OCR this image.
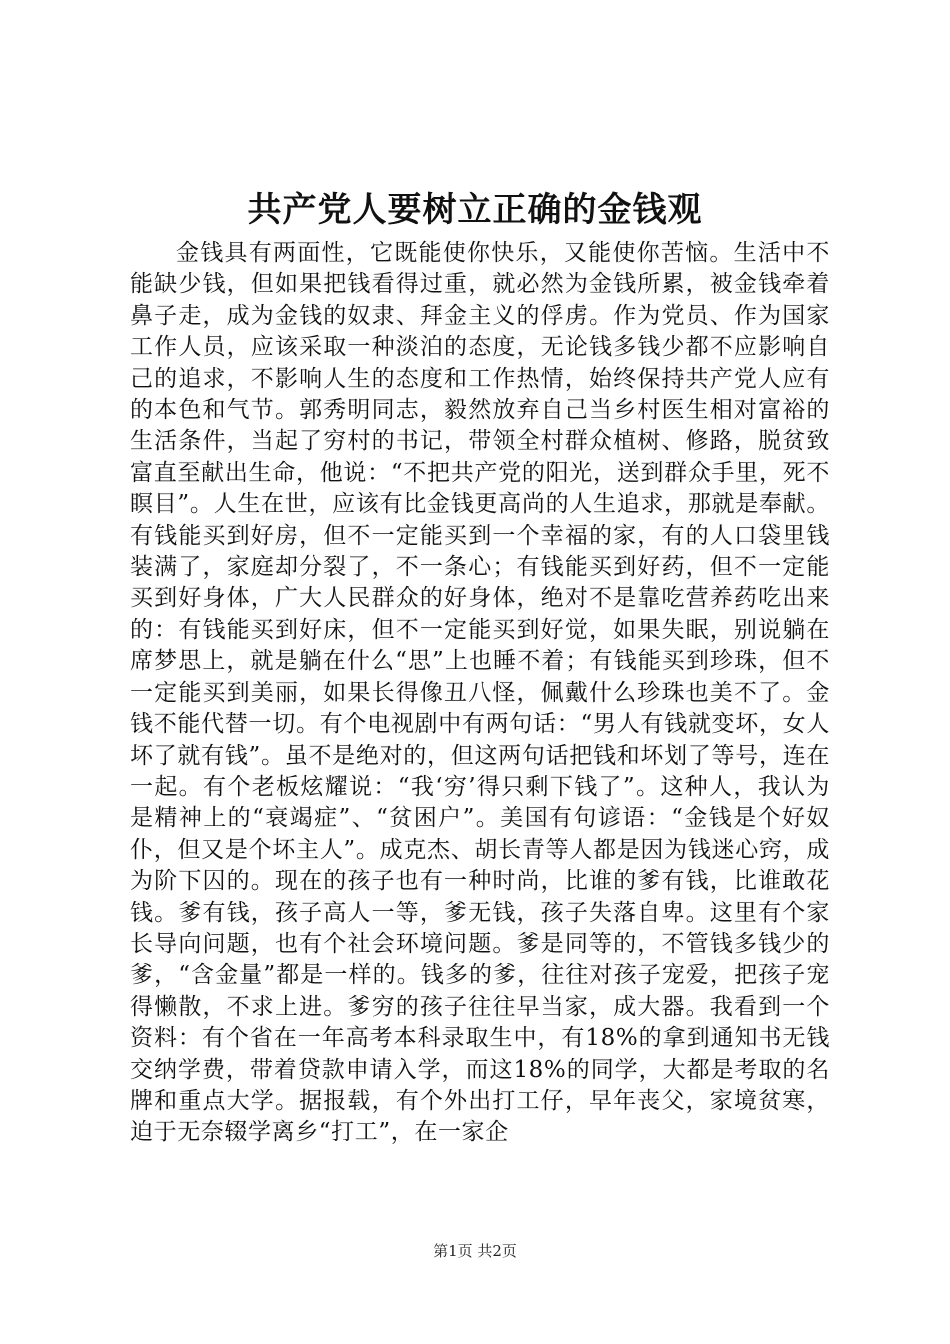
共产党人要树立正确的金钱观

金钱具有两面性，它既能使你快乐，又能使你苦恼。生活中不能缺少钱，但如果把钱看得过重，就必然为金钱所累，被金钱牵着鼻子走，成为金钱的奴隶、拜金主义的俘虏。作为党员、作为国家工作人员，应该采取一种淡泊的态度，无论钱多钱少都不应影响自己的追求，不影响人生的态度和工作热情，始终保持共产党人应有的本色和气节。郭秀明同志，毅然放弃自己当乡村医生相对富裕的生活条件，当起了穷村的书记，带领全村群众植树、修路，脱贫致富直至献出生命，他说：“不把共产党的阳光，送到群众手里，死不瞑目”。人生在世，应该有比金钱更高尚的人生追求，那就是奉献。有钱能买到好房，但不一定能买到一个幸福的家，有的人口袋里钱装满了，家庭却分裂了，不一条心；有钱能买到好药，但不一定能买到好身体，广大人民群众的好身体，绝对不是靠吃营养药吃出来的：有钱能买到好床，但不一定能买到好觉，如果失眠，别说躺在席梦思上，就是躺在什么“思”上也睡不着；有钱能买到珍珠，但不一定能买到美丽，如果长得像丑八怪，佩戴什么珍珠也美不了。金钱不能代替一切。有个电视剧中有两句话：“男人有钱就变坏，女人坏了就有钱”。虽不是绝对的，但这两句话把钱和坏划了等号，连在一起。有个老板炫耀说：“我‘穷’得只剩下钱了”。这种人，我认为是精神上的“衰竭症”、“贫困户”。美国有句谚语：“金钱是个好奴仆，但又是个坏主人”。成克杰、胡长青等人都是因为钱迷心窍，成为阶下囚的。现在的孩子也有一种时尚，比谁的爹有钱，比谁敢花钱。爹有钱，孩子高人一等，爹无钱，孩子失落自卑。这里有个家长导向问题，也有个社会环境问题。爹是同等的，不管钱多钱少的爹，“含金量”都是一样的。钱多的爹，往往对孩子宠爱，把孩子宠得懒散，不求上进。爹穷的孩子往往早当家，成大器。我看到一个资料：有个省在一年高考本科录取生中，有18%的拿到通知书无钱交纳学费，带着贷款申请入学，而这18%的同学，大都是考取的名牌和重点大学。据报载，有个外出打工仔，早年丧父，家境贫寒，迫于无奈辍学离乡“打工”，在一家企

第1页 共2页
